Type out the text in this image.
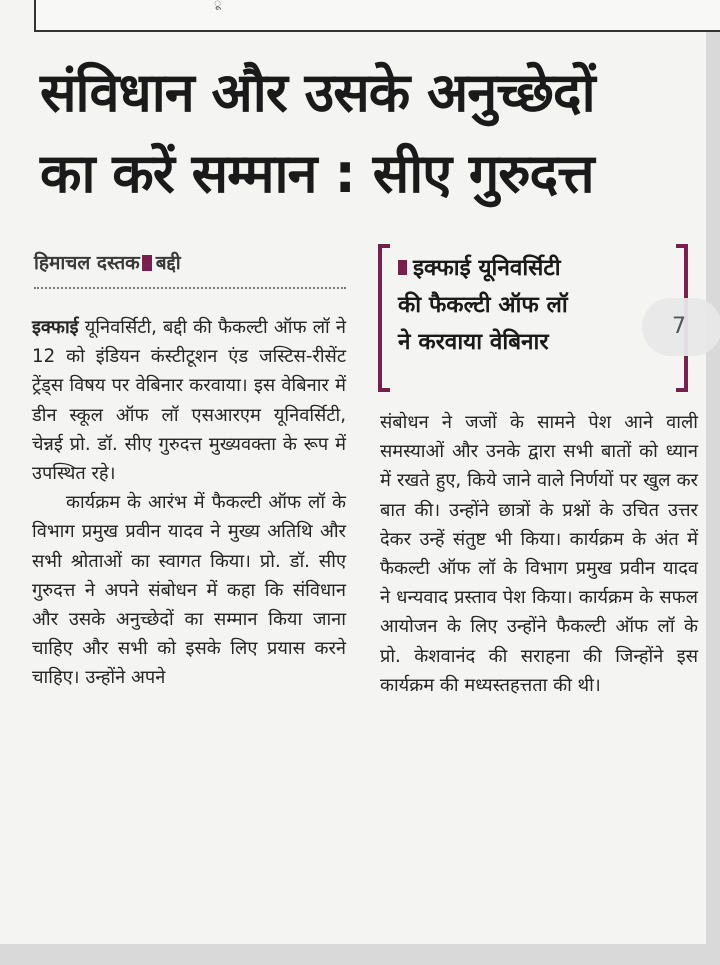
ू
संविधान और उसके अनुच्छेदों
का करें सम्मान : सीए गुरुदत्त
हिमाचल दस्तक बद्दी

इक्फाई यूनिवर्सिटी, बद्दी की फैकल्टी ऑफ लॉ ने 12 को इंडियन कंस्टीटूशन एंड जस्टिस-रीसेंट ट्रेंड्स विषय पर वेबिनार करवाया। इस वेबिनार में डीन स्कूल ऑफ लॉ एसआरएम यूनिवर्सिटी, चेन्नई प्रो. डॉ. सीए गुरुदत्त मुख्यवक्ता के रूप में उपस्थित रहे।

कार्यक्रम के आरंभ में फैकल्टी ऑफ लॉ के विभाग प्रमुख प्रवीन यादव ने मुख्य अतिथि और सभी श्रोताओं का स्वागत किया। प्रो. डॉ. सीए गुरुदत्त ने अपने संबोधन में कहा कि संविधान और उसके अनुच्छेदों का सम्मान किया जाना चाहिए और सभी को इसके लिए प्रयास करने चाहिए। उन्होंने अपने

इक्फाई यूनिवर्सिटी
की फैकल्टी ऑफ लॉ
ने करवाया वेबिनार

संबोधन ने जजों के सामने पेश आने वाली समस्याओं और उनके द्वारा सभी बातों को ध्यान में रखते हुए, किये जाने वाले निर्णयों पर खुल कर बात की। उन्होंने छात्रों के प्रश्नों के उचित उत्तर देकर उन्हें संतुष्ट भी किया। कार्यक्रम के अंत में फैकल्टी ऑफ लॉ के विभाग प्रमुख प्रवीन यादव ने धन्यवाद प्रस्ताव पेश किया। कार्यक्रम के सफल आयोजन के लिए उन्होंने फैकल्टी ऑफ लॉ के प्रो. केशवानंद की सराहना की जिन्होंने इस कार्यक्रम की मध्यस्तहत्तता की थी।

7
